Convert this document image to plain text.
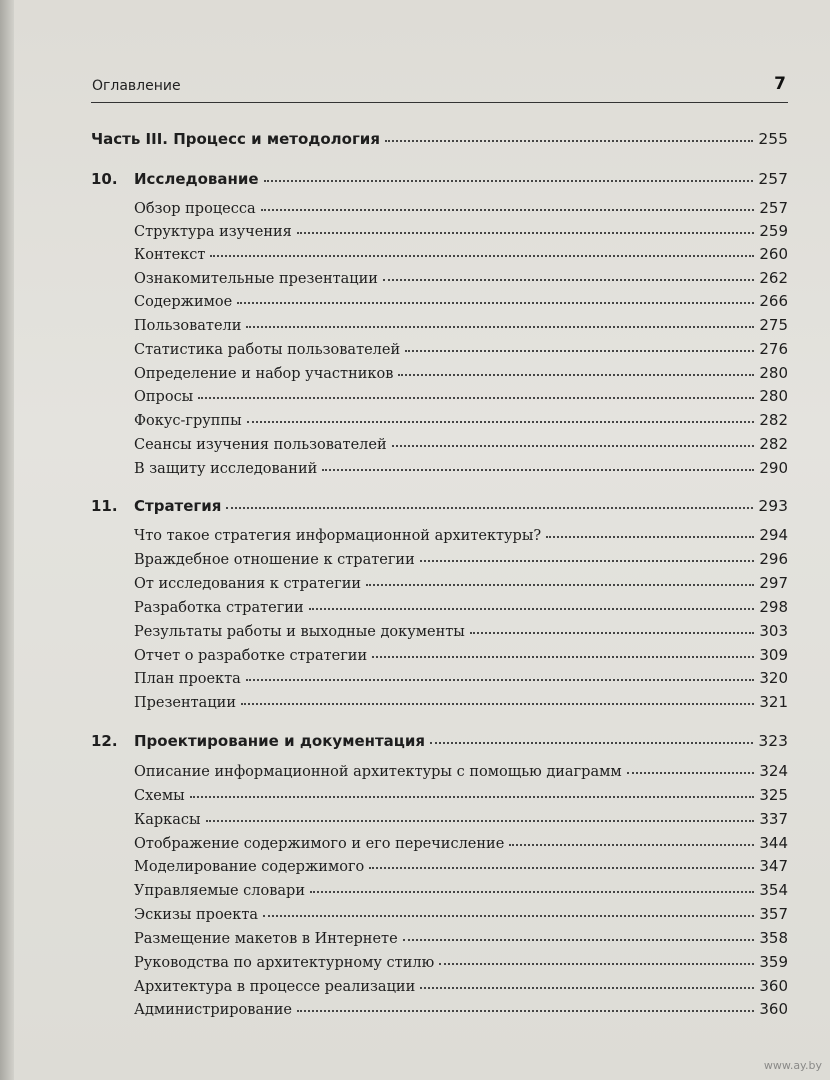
Оглавление	7
Часть III. Процесс и методология	255
10.	Исследование	257
Обзор процесса	257
Структура изучения	259
Контекст	260
Ознакомительные презентации	262
Содержимое	266
Пользователи	275
Статистика работы пользователей	276
Определение и набор участников	280
Опросы	280
Фокус-группы	282
Сеансы изучения пользователей	282
В защиту исследований	290
11.	Стратегия	293
Что такое стратегия информационной архитектуры?	294
Враждебное отношение к стратегии	296
От исследования к стратегии	297
Разработка стратегии	298
Результаты работы и выходные документы	303
Отчет о разработке стратегии	309
План проекта	320
Презентации	321
12.	Проектирование и документация	323
Описание информационной архитектуры с помощью диаграмм	324
Схемы	325
Каркасы	337
Отображение содержимого и его перечисление	344
Моделирование содержимого	347
Управляемые словари	354
Эскизы проекта	357
Размещение макетов в Интернете	358
Руководства по архитектурному стилю	359
Архитектура в процессе реализации	360
Администрирование	360
www.ay.by
